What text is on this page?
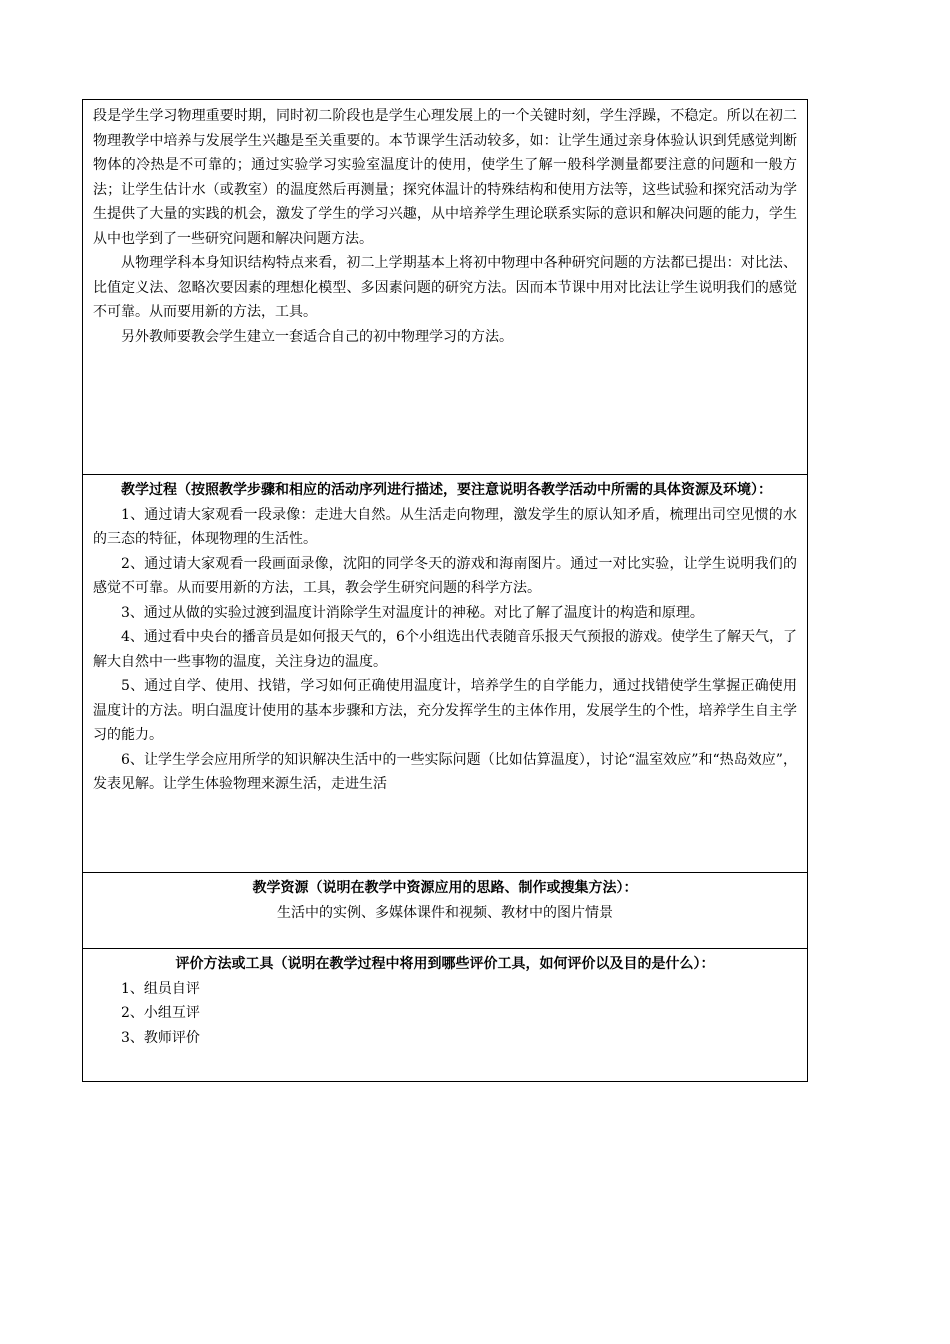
段是学生学习物理重要时期，同时初二阶段也是学生心理发展上的一个关键时刻，学生浮躁，不稳定。所以在初二物理教学中培养与发展学生兴趣是至关重要的。本节课学生活动较多，如：让学生通过亲身体验认识到凭感觉判断物体的冷热是不可靠的；通过实验学习实验室温度计的使用，使学生了解一般科学测量都要注意的问题和一般方法；让学生估计水（或教室）的温度然后再测量；探究体温计的特殊结构和使用方法等，这些试验和探究活动为学生提供了大量的实践的机会，激发了学生的学习兴趣，从中培养学生理论联系实际的意识和解决问题的能力，学生从中也学到了一些研究问题和解决问题方法。

从物理学科本身知识结构特点来看，初二上学期基本上将初中物理中各种研究问题的方法都已提出：对比法、比值定义法、忽略次要因素的理想化模型、多因素问题的研究方法。因而本节课中用对比法让学生说明我们的感觉不可靠。从而要用新的方法，工具。

另外教师要教会学生建立一套适合自己的初中物理学习的方法。

教学过程（按照教学步骤和相应的活动序列进行描述，要注意说明各教学活动中所需的具体资源及环境）：

1、通过请大家观看一段录像：走进大自然。从生活走向物理，激发学生的原认知矛盾，梳理出司空见惯的水的三态的特征，体现物理的生活性。

2、通过请大家观看一段画面录像，沈阳的同学冬天的游戏和海南图片。通过一对比实验，让学生说明我们的感觉不可靠。从而要用新的方法，工具，教会学生研究问题的科学方法。

3、通过从做的实验过渡到温度计消除学生对温度计的神秘。对比了解了温度计的构造和原理。

4、通过看中央台的播音员是如何报天气的，6个小组选出代表随音乐报天气预报的游戏。使学生了解天气，了解大自然中一些事物的温度，关注身边的温度。

5、通过自学、使用、找错，学习如何正确使用温度计，培养学生的自学能力，通过找错使学生掌握正确使用温度计的方法。明白温度计使用的基本步骤和方法，充分发挥学生的主体作用，发展学生的个性，培养学生自主学习的能力。

6、让学生学会应用所学的知识解决生活中的一些实际问题（比如估算温度），讨论“温室效应”和“热岛效应”，发表见解。让学生体验物理来源生活，走进生活

教学资源（说明在教学中资源应用的思路、制作或搜集方法）：

生活中的实例、多媒体课件和视频、教材中的图片情景

评价方法或工具（说明在教学过程中将用到哪些评价工具，如何评价以及目的是什么）：

1、组员自评

2、小组互评

3、教师评价
